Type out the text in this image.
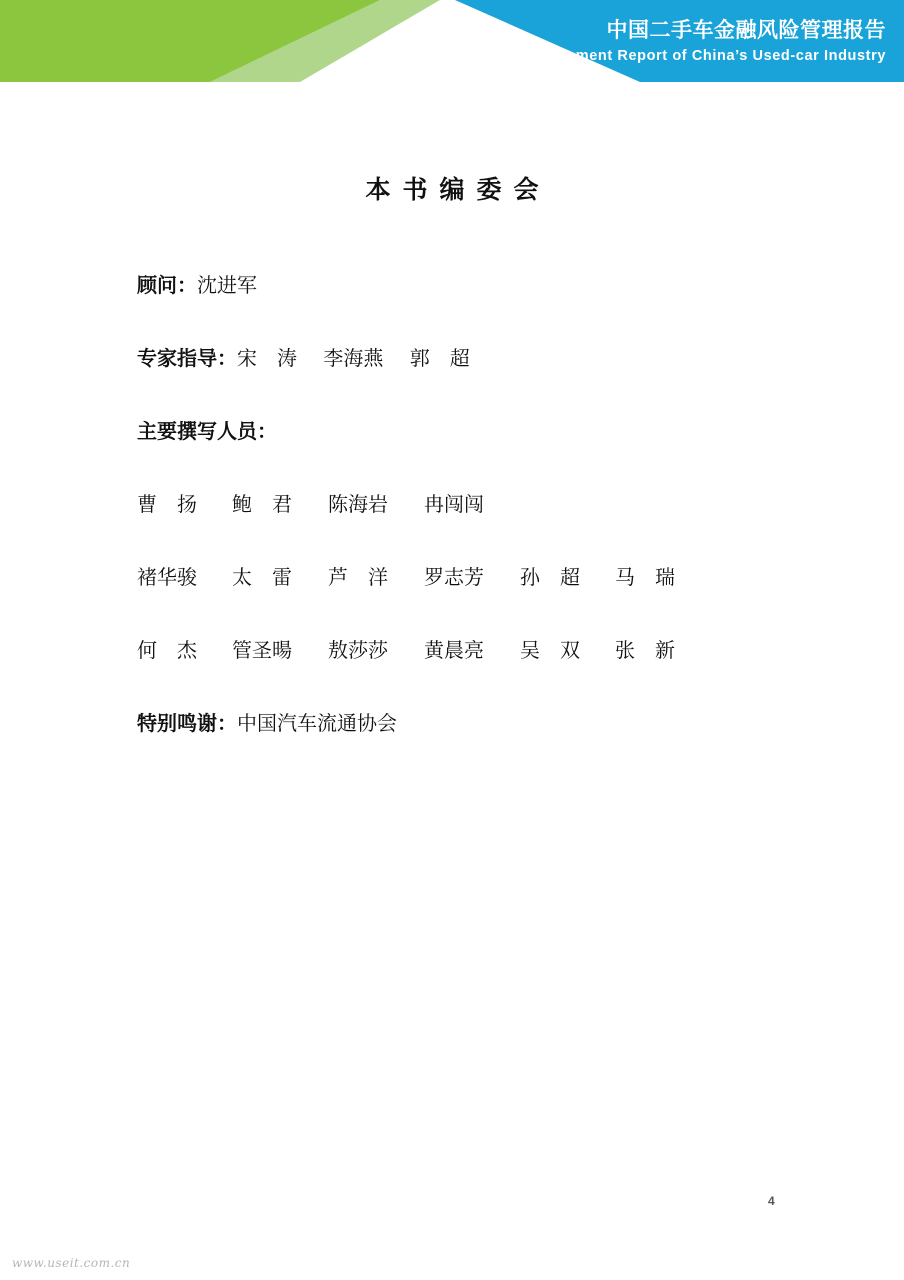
中国二手车金融风险管理报告
Financial Risk Management Report of China’s Used-car Industry
本书编委会
顾问：沈进军
专家指导：宋　涛　 李海燕　 郭　超
主要撰写人员：
曹　扬 鲍　君 陈海岩 冉闯闯
褚华骏 太　雷 芦　洋 罗志芳 孙　超 马　瑞
何　杰 管圣暘 敖莎莎 黄晨亮 吴　双 张　新
特别鸣谢：中国汽车流通协会
4
www.useit.com.cn
